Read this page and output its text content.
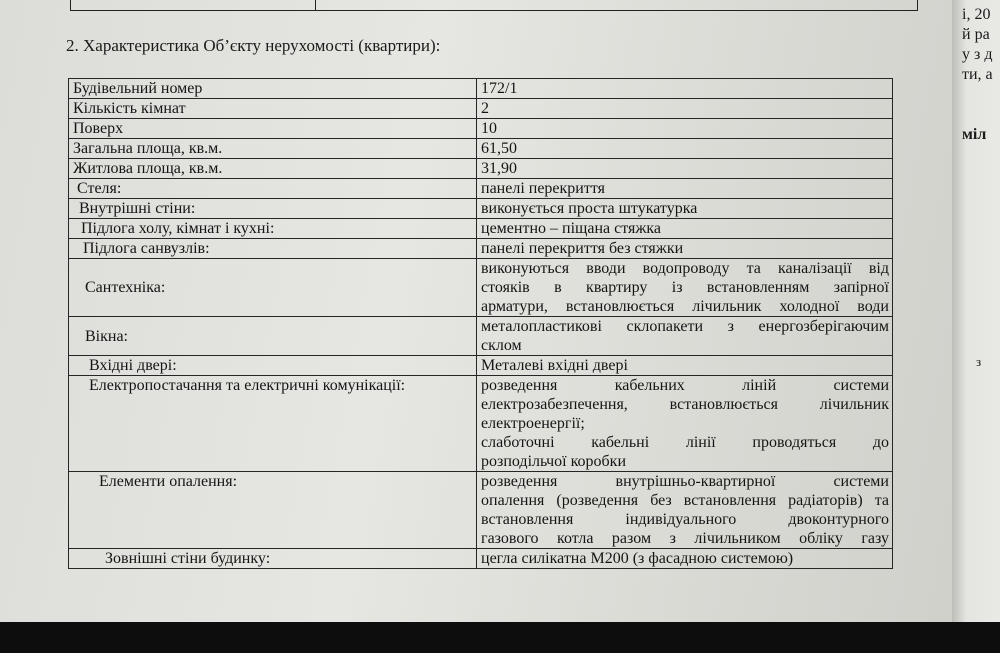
2. Характеристика Об’єкту нерухомості (квартири):
Будівельний номер	172/1

Кількість кімнат	2

Поверх	10

Загальна площа, кв.м.	61,50

Житлова площа, кв.м.	31,90

Стеля:	панелі перекриття

Внутрішні стіни:	виконується проста штукатурка

Підлога холу, кімнат і кухні:	цементно – піщана стяжка

Підлога санвузлів:	панелі перекриття без стяжки

Сантехніка:	виконуються вводи водопроводу та каналізації від
стояків в квартиру із встановленням запірної
арматури, встановлюється лічильник холодної води

Вікна:	металопластикові склопакети з енергозберігаючим
склом

Вхідні двері:	Металеві вхідні двері

Електропостачання та електричні комунікації:	розведення кабельних ліній системи
електрозабезпечення, встановлюється лічильник
електроенергії;
слаботочні кабельні лінії проводяться до
розподільчої коробки

Елементи опалення:	розведення внутрішньо-квартирної системи
опалення (розведення без встановлення радіаторів) та
встановлення індивідуального двоконтурного
газового котла разом з лічильником обліку газу

Зовнішні стіни будинку:	цегла силікатна М200 (з фасадною системою)
і, 20
й ра
у з д
ти, а
міл
з
